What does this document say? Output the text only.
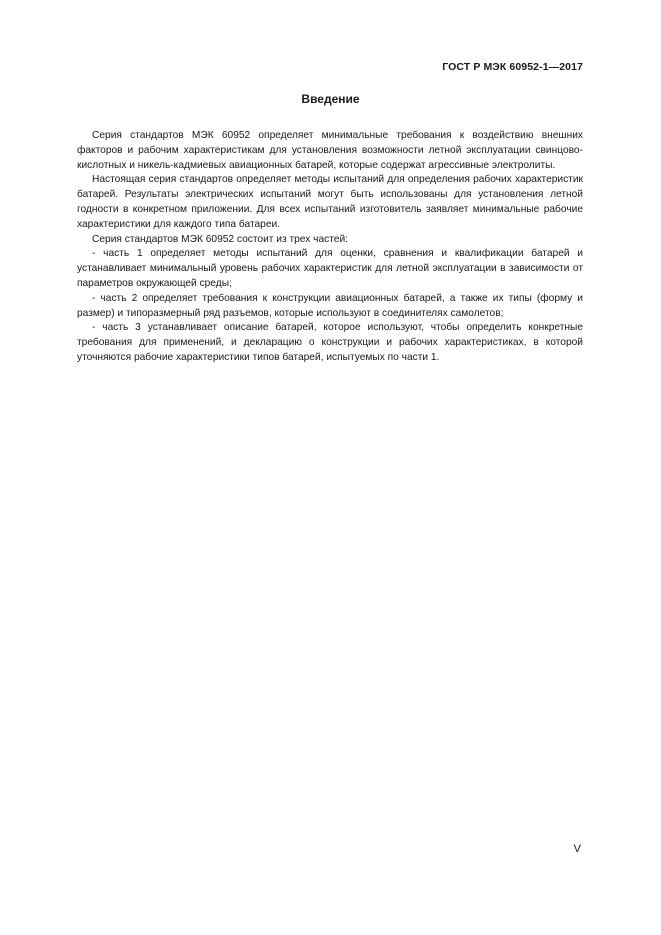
ГОСТ Р МЭК 60952-1—2017
Введение

Серия стандартов МЭК 60952 определяет минимальные требования к воздействию внешних факторов и рабочим характеристикам для установления возможности летной эксплуатации свинцово-кислотных и никель-кадмиевых авиационных батарей, которые содержат агрессивные электролиты.

Настоящая серия стандартов определяет методы испытаний для определения рабочих характеристик батарей. Результаты электрических испытаний могут быть использованы для установления летной годности в конкретном приложении. Для всех испытаний изготовитель заявляет минимальные рабочие характеристики для каждого типа батареи.

Серия стандартов МЭК 60952 состоит из трех частей:

- часть 1 определяет методы испытаний для оценки, сравнения и квалификации батарей и устанавливает минимальный уровень рабочих характеристик для летной эксплуатации в зависимости от параметров окружающей среды;

- часть 2 определяет требования к конструкции авиационных батарей, а также их типы (форму и размер) и типоразмерный ряд разъемов, которые используют в соединителях самолетов;

- часть 3 устанавливает описание батарей, которое используют, чтобы определить конкретные требования для применений, и декларацию о конструкции и рабочих характеристиках, в которой уточняются рабочие характеристики типов батарей, испытуемых по части 1.

V
